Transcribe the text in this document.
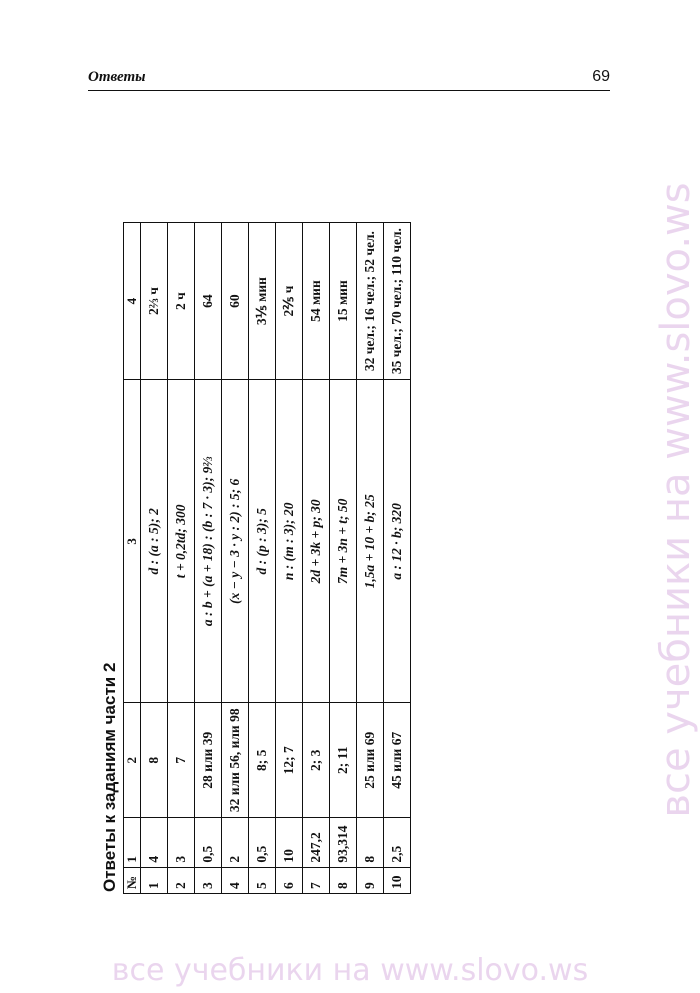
Ответы	69
Ответы к заданиям части 2 №	1	2	3	4
1	4	8	d : (a : 5); 2	2⅔ ч
2	3	7	t + 0,2td; 300	2 ч
3	0,5	28 или 39	a : b + (a + 18) : (b : 7 · 3); 9⅔	64
4	2	32 или 56, или 98	(x − y − 3 · y : 2) : 5; 6	60
5	0,5	8; 5	d : (p : 3); 5	3⅕ мин
6	10	12; 7	n : (m : 3); 20	2⅖ ч
7	247,2	2; 3	2d + 3k + p; 30	54 мин
8	93,314	2; 11	7m + 3n + t; 50	15 мин
9	8	25 или 69	1,5a + 10 + b; 25	32 чел.; 16 чел.; 52 чел.
10	2,5	45 или 67	a : 12 · b; 320	35 чел.; 70 чел.; 110 чел.	все учебники на www.slovo.ws
все учебники на www.slovo.ws
